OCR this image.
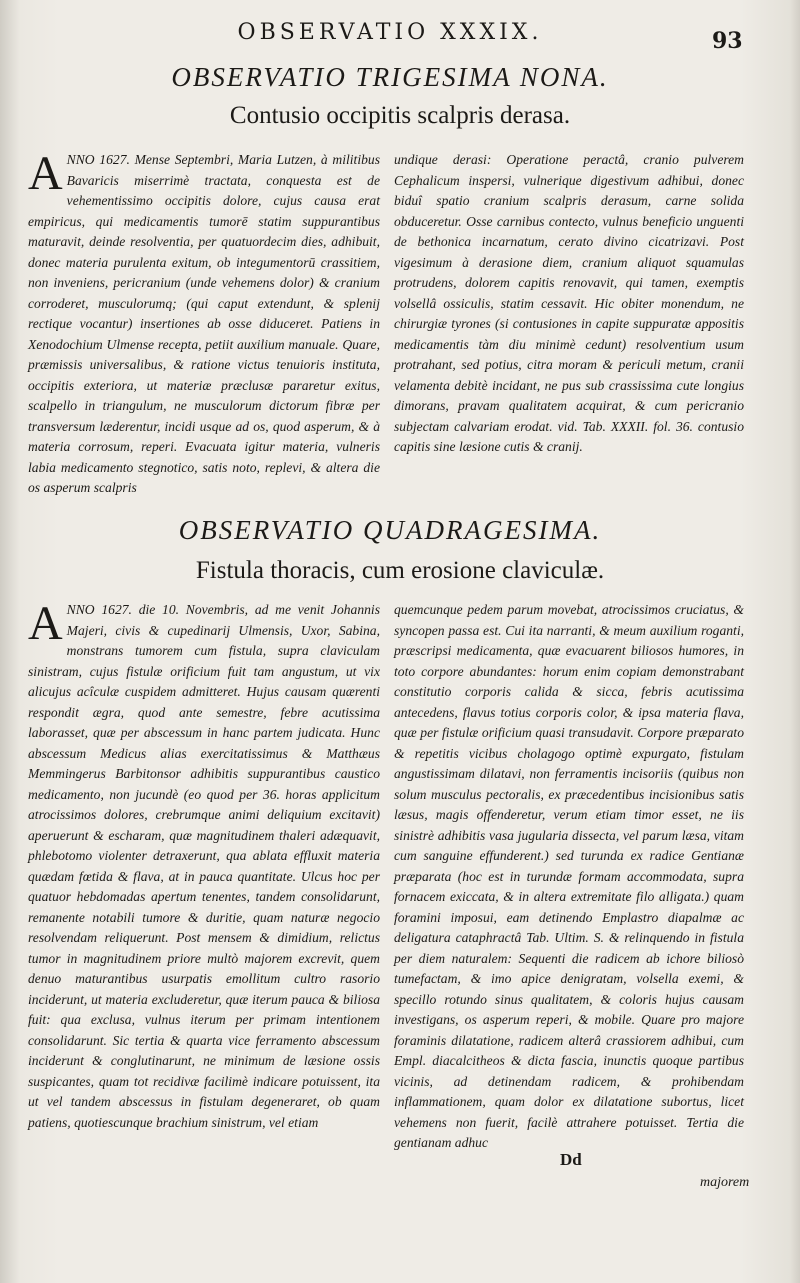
OBSERVATIO XXXIX.	93
OBSERVATIO TRIGESIMA NONA.
Contusio occipitis scalpris derasa.
ANNO 1627. Mense Septembri, Maria Lutzen, à militibus Bavaricis miserrimè tractata, conquesta est de vehementissimo occipitis dolore, cujus causa erat empiricus, qui medicamentis tumorē statim suppurantibus maturavit, deinde resolventia, per quatuordecim dies, adhibuit, donec materia purulenta exitum, ob integumentorū crassitiem, non inveniens, pericranium (unde vehemens dolor) & cranium corroderet, musculorumq; (qui caput extendunt, & splenij rectique vocantur) insertiones ab osse diduceret. Patiens in Xenodochium Ulmense recepta, petiit auxilium manuale. Quare, præmissis universalibus, & ratione victus tenuioris instituta, occipitis exteriora, ut materiæ præclusæ pararetur exitus, scalpello in triangulum, ne musculorum dictorum fibræ per transversum læderentur, incidi usque ad os, quod asperum, & à materia corrosum, reperi. Evacuata igitur materia, vulneris labia medicamento stegnotico, satis noto, replevi, & altera die os asperum scalpris
undique derasi: Operatione peractâ, cranio pulverem Cephalicum inspersi, vulnerique digestivum adhibui, donec biduî spatio cranium scalpris derasum, carne solida obduceretur. Osse carnibus contecto, vulnus beneficio unguenti de bethonica incarnatum, cerato divino cicatrizavi. Post vigesimum à derasione diem, cranium aliquot squamulas protrudens, dolorem capitis renovavit, qui tamen, exemptis volsellâ ossiculis, statim cessavit. Hic obiter monendum, ne chirurgiæ tyrones (si contusiones in capite suppuratæ appositis medicamentis tàm diu minimè cedunt) resolventium usum protrahant, sed potius, citra moram & periculi metum, cranii velamenta debitè incidant, ne pus sub crassissima cute longius dimorans, pravam qualitatem acquirat, & cum pericranio subjectam calvariam erodat. vid. Tab. XXXII. fol. 36. contusio capitis sine læsione cutis & cranij.
OBSERVATIO QUADRAGESIMA.
Fistula thoracis, cum erosione claviculæ.
ANNO 1627. die 10. Novembris, ad me venit Johannis Majeri, civis & cupedinarij Ulmensis, Uxor, Sabina, monstrans tumorem cum fistula, supra claviculam sinistram, cujus fistulæ orificium fuit tam angustum, ut vix alicujus acîculæ cuspidem admitteret. Hujus causam quærenti respondit ægra, quod ante semestre, febre acutissima laborasset, quæ per abscessum in hanc partem judicata. Hunc abscessum Medicus alias exercitatissimus & Matthæus Memmingerus Barbitonsor adhibitis suppurantibus caustico medicamento, non jucundè (eo quod per 36. horas applicitum atrocissimos dolores, crebrumque animi deliquium excitavit) aperuerunt & escharam, quæ magnitudinem thaleri adæquavit, phlebotomo violenter detraxerunt, qua ablata effluxit materia quædam fœtida & flava, at in pauca quantitate. Ulcus hoc per quatuor hebdomadas apertum tenentes, tandem consolidarunt, remanente notabili tumore & duritie, quam naturæ negocio resolvendam reliquerunt. Post mensem & dimidium, relictus tumor in magnitudinem priore multò majorem excrevit, quem denuo maturantibus usurpatis emollitum cultro rasorio inciderunt, ut materia excluderetur, quæ iterum pauca & biliosa fuit: qua exclusa, vulnus iterum per primam intentionem consolidarunt. Sic tertia & quarta vice ferramento abscessum inciderunt & conglutinarunt, ne minimum de læsione ossis suspicantes, quam tot recidivæ facilimè indicare potuissent, ita ut vel tandem abscessus in fistulam degeneraret, ob quam patiens, quotiescunque brachium sinistrum, vel etiam
quemcunque pedem parum movebat, atrocissimos cruciatus, & syncopen passa est. Cui ita narranti, & meum auxilium roganti, præscripsi medicamenta, quæ evacuarent biliosos humores, in toto corpore abundantes: horum enim copiam demonstrabant constitutio corporis calida & sicca, febris acutissima antecedens, flavus totius corporis color, & ipsa materia flava, quæ per fistulæ orificium quasi transudavit. Corpore præparato & repetitis vicibus cholagogo optimè expurgato, fistulam angustissimam dilatavi, non ferramentis incisoriis (quibus non solum musculus pectoralis, ex præcedentibus incisionibus satis læsus, magis offenderetur, verum etiam timor esset, ne iis sinistrè adhibitis vasa jugularia dissecta, vel parum læsa, vitam cum sanguine effunderent.) sed turunda ex radice Gentianæ præparata (hoc est in turundæ formam accommodata, supra fornacem exiccata, & in altera extremitate filo alligata.) quam foramini imposui, eam detinendo Emplastro diapalmæ ac deligatura cataphractâ Tab. Ultim. S. & relinquendo in fistula per diem naturalem: Sequenti die radicem ab ichore biliosò tumefactam, & imo apice denigratam, volsella exemi, & specillo rotundo sinus qualitatem, & coloris hujus causam investigans, os asperum reperi, & mobile. Quare pro majore foraminis dilatatione, radicem alterâ crassiorem adhibui, cum Empl. diacalcitheos & dicta fascia, inunctis quoque partibus vicinis, ad detinendam radicem, & prohibendam inflammationem, quam dolor ex dilatatione subortus, licet vehemens non fuerit, facilè attrahere potuisset. Tertia die gentianam adhuc
Dd
majorem
